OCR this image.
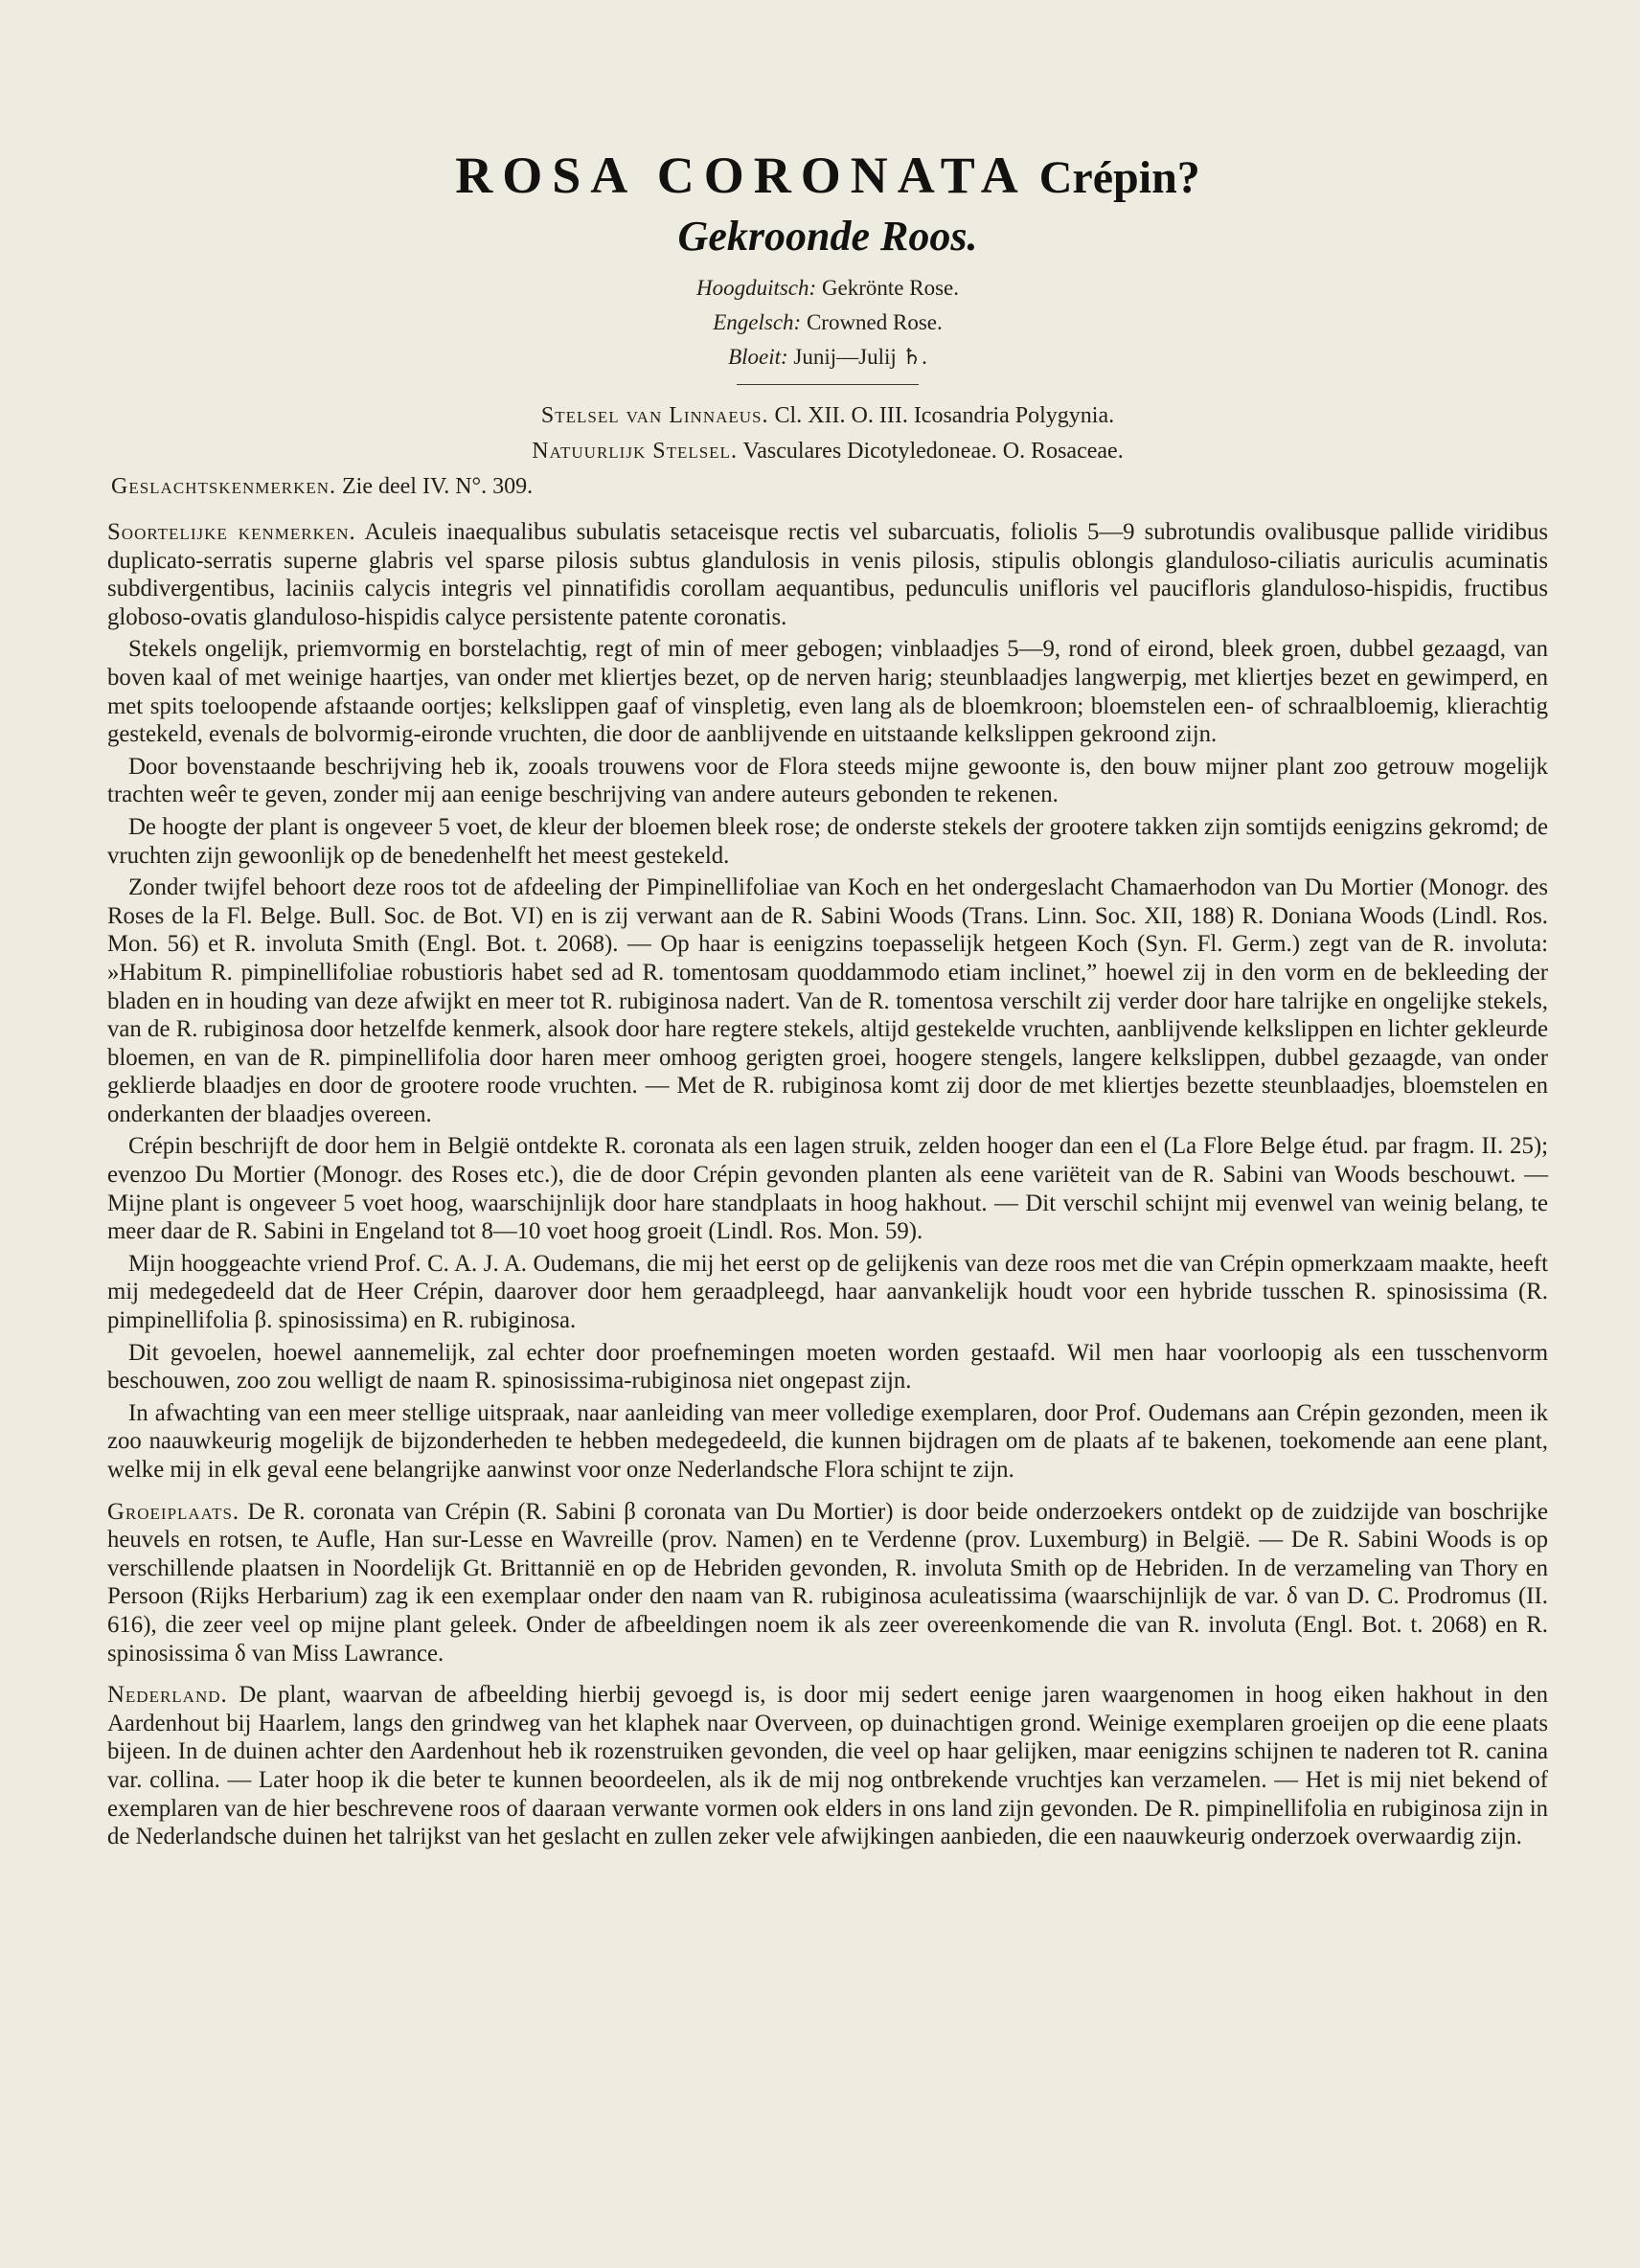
ROSA CORONATA Crépin?

Gekroonde Roos.

Hoogduitsch: Gekrönte Rose.
Engelsch: Crowned Rose.
Bloeit: Junij—Julij ♄.
Stelsel van Linnaeus. Cl. XII. O. III. Icosandria Polygynia.
Natuurlijk Stelsel. Vasculares Dicotyledoneae. O. Rosaceae.
Geslachtskenmerken. Zie deel IV. N°. 309.

Soortelijke kenmerken. Aculeis inaequalibus subulatis setaceisque rectis vel subarcuatis, foliolis 5—9 subrotundis ovalibusque pallide viridibus duplicato-serratis superne glabris vel sparse pilosis subtus glandulosis in venis pilosis, stipulis oblongis glanduloso-ciliatis auriculis acuminatis subdivergentibus, laciniis calycis integris vel pinnatifidis corollam aequantibus, pedunculis unifloris vel paucifloris glanduloso-hispidis, fructibus globoso-ovatis glanduloso-hispidis calyce persistente patente coronatis.

Stekels ongelijk, priemvormig en borstelachtig, regt of min of meer gebogen; vinblaadjes 5—9, rond of eirond, bleek groen, dubbel gezaagd, van boven kaal of met weinige haartjes, van onder met kliertjes bezet, op de nerven harig; steunblaadjes langwerpig, met kliertjes bezet en gewimperd, en met spits toeloopende afstaande oortjes; kelkslippen gaaf of vinspletig, even lang als de bloemkroon; bloemstelen een- of schraalbloemig, klierachtig gestekeld, evenals de bolvormig-eironde vruchten, die door de aanblijvende en uitstaande kelkslippen gekroond zijn.

Door bovenstaande beschrijving heb ik, zooals trouwens voor de Flora steeds mijne gewoonte is, den bouw mijner plant zoo getrouw mogelijk trachten weêr te geven, zonder mij aan eenige beschrijving van andere auteurs gebonden te rekenen.

De hoogte der plant is ongeveer 5 voet, de kleur der bloemen bleek rose; de onderste stekels der grootere takken zijn somtijds eenigzins gekromd; de vruchten zijn gewoonlijk op de benedenhelft het meest gestekeld.

Zonder twijfel behoort deze roos tot de afdeeling der Pimpinellifoliae van Koch en het ondergeslacht Chamaerhodon van Du Mortier (Monogr. des Roses de la Fl. Belge. Bull. Soc. de Bot. VI) en is zij verwant aan de R. Sabini Woods (Trans. Linn. Soc. XII, 188) R. Doniana Woods (Lindl. Ros. Mon. 56) et R. involuta Smith (Engl. Bot. t. 2068). — Op haar is eenigzins toepasselijk hetgeen Koch (Syn. Fl. Germ.) zegt van de R. involuta: »Habitum R. pimpinellifoliae robustioris habet sed ad R. tomentosam quoddammodo etiam inclinet,” hoewel zij in den vorm en de bekleeding der bladen en in houding van deze afwijkt en meer tot R. rubiginosa nadert. Van de R. tomentosa verschilt zij verder door hare talrijke en ongelijke stekels, van de R. rubiginosa door hetzelfde kenmerk, alsook door hare regtere stekels, altijd gestekelde vruchten, aanblijvende kelkslippen en lichter gekleurde bloemen, en van de R. pimpinellifolia door haren meer omhoog gerigten groei, hoogere stengels, langere kelkslippen, dubbel gezaagde, van onder geklierde blaadjes en door de grootere roode vruchten. — Met de R. rubiginosa komt zij door de met kliertjes bezette steunblaadjes, bloemstelen en onderkanten der blaadjes overeen.

Crépin beschrijft de door hem in België ontdekte R. coronata als een lagen struik, zelden hooger dan een el (La Flore Belge étud. par fragm. II. 25); evenzoo Du Mortier (Monogr. des Roses etc.), die de door Crépin gevonden planten als eene variëteit van de R. Sabini van Woods beschouwt. — Mijne plant is ongeveer 5 voet hoog, waarschijnlijk door hare standplaats in hoog hakhout. — Dit verschil schijnt mij evenwel van weinig belang, te meer daar de R. Sabini in Engeland tot 8—10 voet hoog groeit (Lindl. Ros. Mon. 59).

Mijn hooggeachte vriend Prof. C. A. J. A. Oudemans, die mij het eerst op de gelijkenis van deze roos met die van Crépin opmerkzaam maakte, heeft mij medegedeeld dat de Heer Crépin, daarover door hem geraadpleegd, haar aanvankelijk houdt voor een hybride tusschen R. spinosissima (R. pimpinellifolia β. spinosissima) en R. rubiginosa.

Dit gevoelen, hoewel aannemelijk, zal echter door proefnemingen moeten worden gestaafd. Wil men haar voorloopig als een tusschenvorm beschouwen, zoo zou welligt de naam R. spinosissima-rubiginosa niet ongepast zijn.

In afwachting van een meer stellige uitspraak, naar aanleiding van meer volledige exemplaren, door Prof. Oudemans aan Crépin gezonden, meen ik zoo naauwkeurig mogelijk de bijzonderheden te hebben medegedeeld, die kunnen bijdragen om de plaats af te bakenen, toekomende aan eene plant, welke mij in elk geval eene belangrijke aanwinst voor onze Nederlandsche Flora schijnt te zijn.

Groeiplaats. De R. coronata van Crépin (R. Sabini β coronata van Du Mortier) is door beide onderzoekers ontdekt op de zuidzijde van boschrijke heuvels en rotsen, te Aufle, Han sur-Lesse en Wavreille (prov. Namen) en te Verdenne (prov. Luxemburg) in België. — De R. Sabini Woods is op verschillende plaatsen in Noordelijk Gt. Brittannië en op de Hebriden gevonden, R. involuta Smith op de Hebriden. In de verzameling van Thory en Persoon (Rijks Herbarium) zag ik een exemplaar onder den naam van R. rubiginosa aculeatissima (waarschijnlijk de var. δ van D. C. Prodromus (II. 616), die zeer veel op mijne plant geleek. Onder de afbeeldingen noem ik als zeer overeenkomende die van R. involuta (Engl. Bot. t. 2068) en R. spinosissima δ van Miss Lawrance.

Nederland. De plant, waarvan de afbeelding hierbij gevoegd is, is door mij sedert eenige jaren waargenomen in hoog eiken hakhout in den Aardenhout bij Haarlem, langs den grindweg van het klaphek naar Overveen, op duinachtigen grond. Weinige exemplaren groeijen op die eene plaats bijeen. In de duinen achter den Aardenhout heb ik rozenstruiken gevonden, die veel op haar gelijken, maar eenigzins schijnen te naderen tot R. canina var. collina. — Later hoop ik die beter te kunnen beoordeelen, als ik de mij nog ontbrekende vruchtjes kan verzamelen. — Het is mij niet bekend of exemplaren van de hier beschrevene roos of daaraan verwante vormen ook elders in ons land zijn gevonden. De R. pimpinellifolia en rubiginosa zijn in de Nederlandsche duinen het talrijkst van het geslacht en zullen zeker vele afwijkingen aanbieden, die een naauwkeurig onderzoek overwaardig zijn.
